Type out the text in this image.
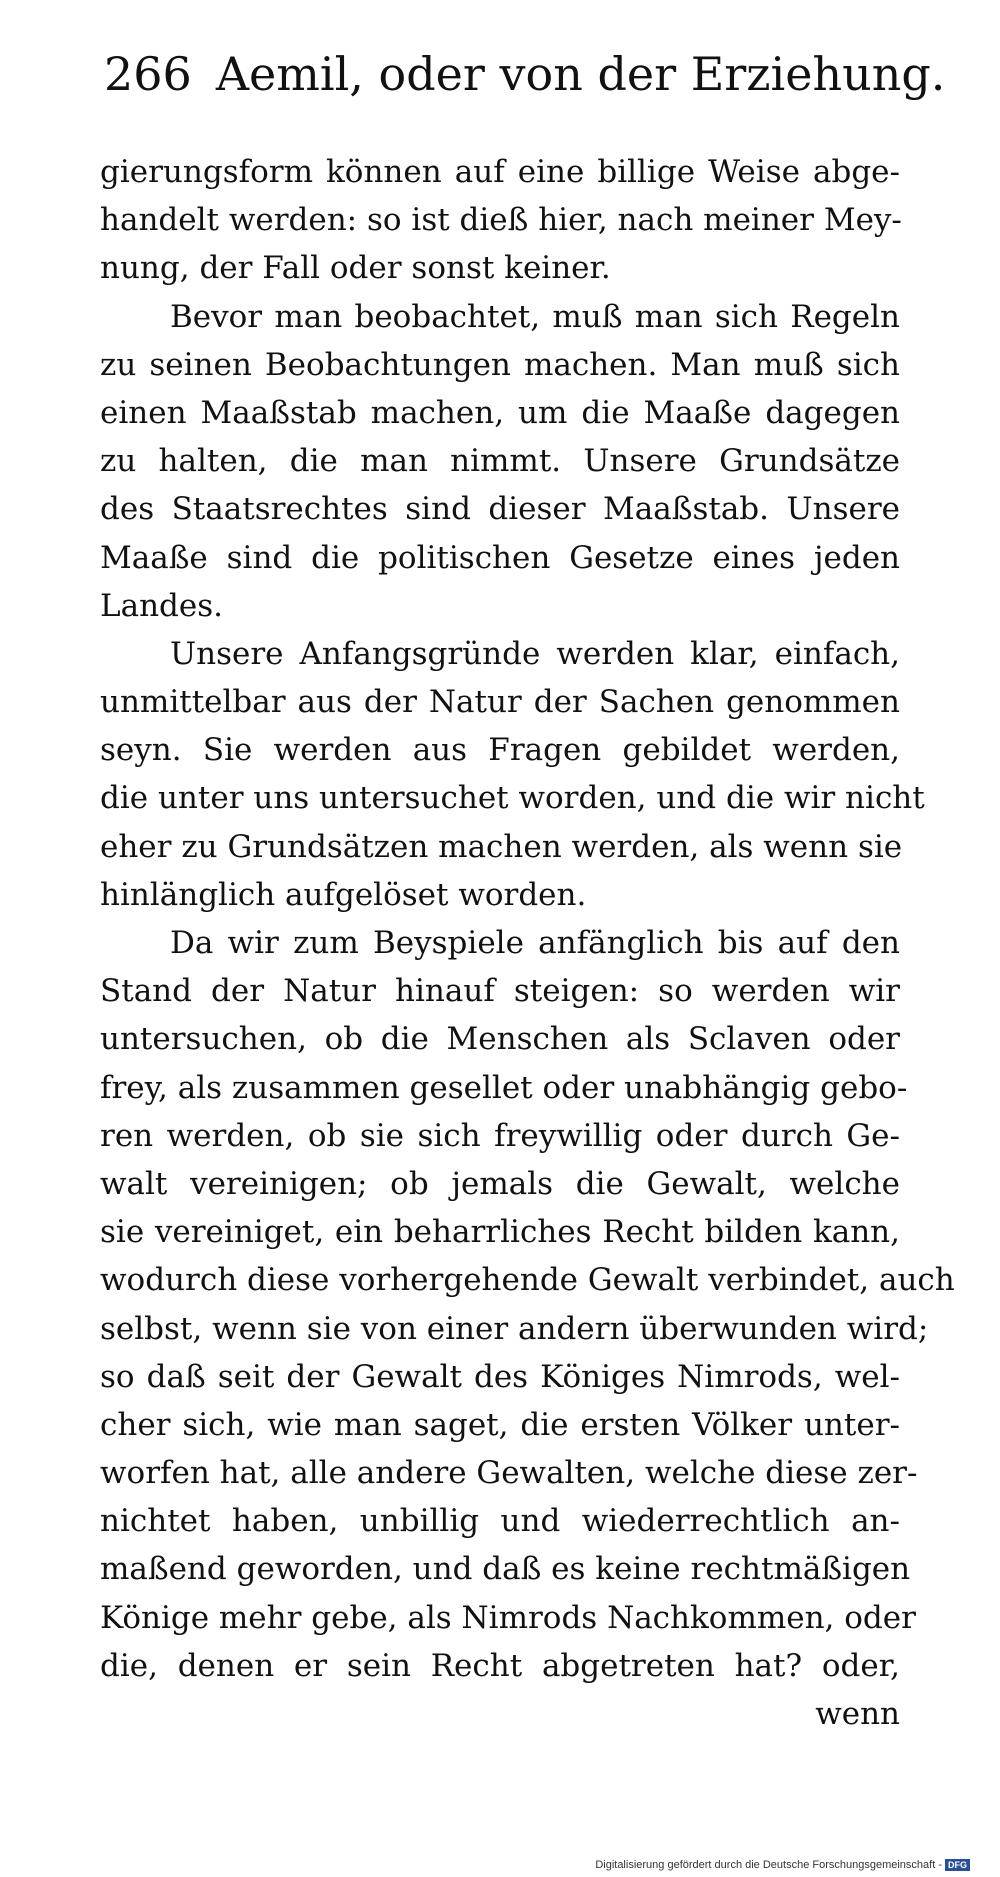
266 Aemil, oder von der Erziehung.
gierungsform können auf eine billige Weise abge-
handelt werden: so ist dieß hier, nach meiner Mey-
nung, der Fall oder sonst keiner.
Bevor man beobachtet, muß man sich Regeln
zu seinen Beobachtungen machen. Man muß sich
einen Maaßstab machen, um die Maaße dagegen
zu halten, die man nimmt. Unsere Grundsätze
des Staatsrechtes sind dieser Maaßstab. Unsere
Maaße sind die politischen Gesetze eines jeden
Landes.
Unsere Anfangsgründe werden klar, einfach,
unmittelbar aus der Natur der Sachen genommen
seyn. Sie werden aus Fragen gebildet werden,
die unter uns untersuchet worden, und die wir nicht
eher zu Grundsätzen machen werden, als wenn sie
hinlänglich aufgelöset worden.
Da wir zum Beyspiele anfänglich bis auf den
Stand der Natur hinauf steigen: so werden wir
untersuchen, ob die Menschen als Sclaven oder
frey, als zusammen gesellet oder unabhängig gebo-
ren werden, ob sie sich freywillig oder durch Ge-
walt vereinigen; ob jemals die Gewalt, welche
sie vereiniget, ein beharrliches Recht bilden kann,
wodurch diese vorhergehende Gewalt verbindet, auch
selbst, wenn sie von einer andern überwunden wird;
so daß seit der Gewalt des Königes Nimrods, wel-
cher sich, wie man saget, die ersten Völker unter-
worfen hat, alle andere Gewalten, welche diese zer-
nichtet haben, unbillig und wiederrechtlich an-
maßend geworden, und daß es keine rechtmäßigen
Könige mehr gebe, als Nimrods Nachkommen, oder
die, denen er sein Recht abgetreten hat? oder,
wenn
Digitalisierung gefördert durch die Deutsche Forschungsgemeinschaft - DFG
